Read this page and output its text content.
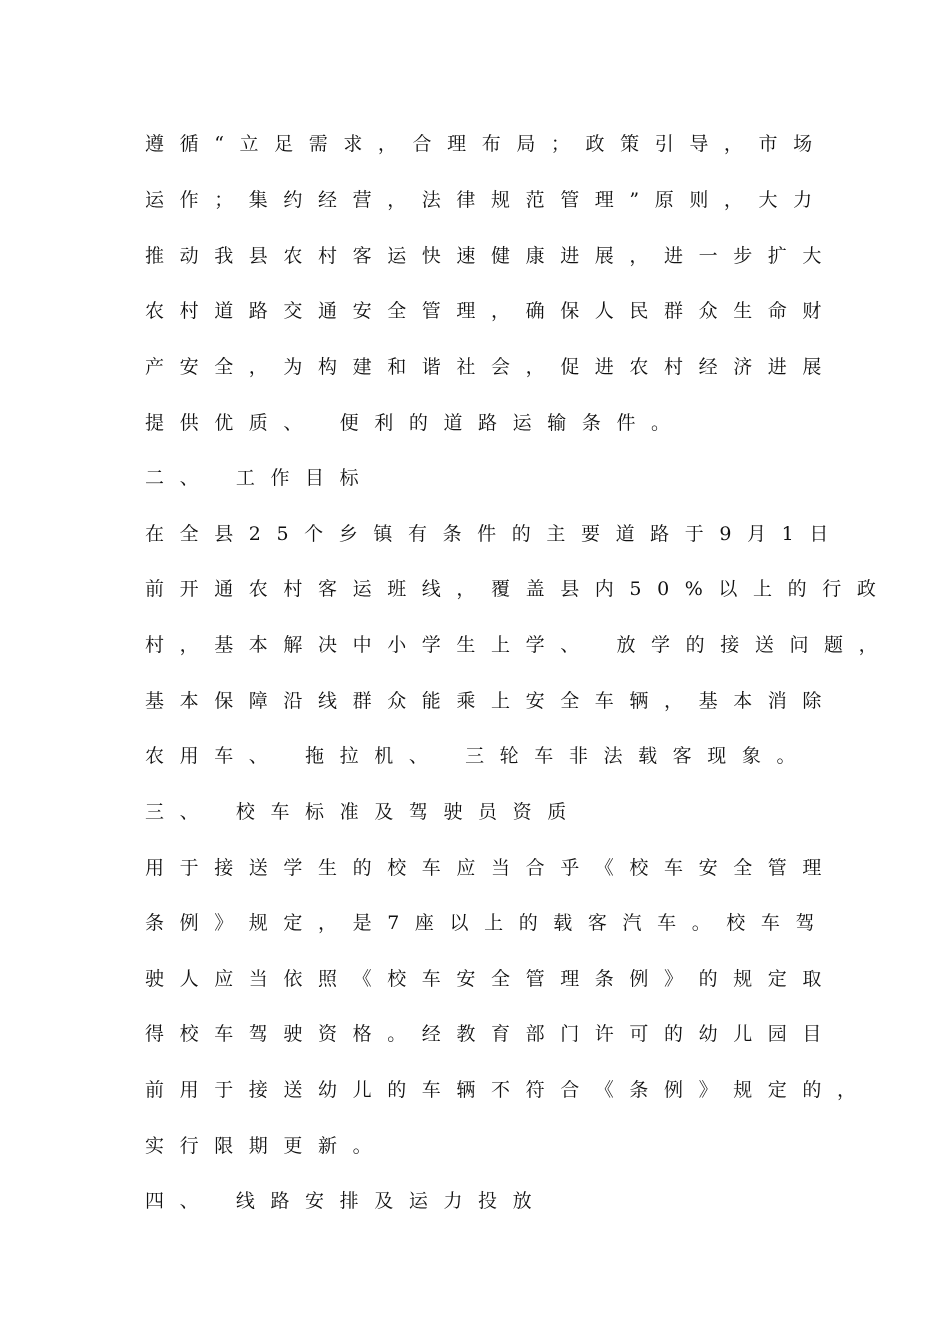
遵循“立足需求，合理布局；政策引导，市场
运作；集约经营，法律规范管理”原则，大力
推动我县农村客运快速健康进展，进一步扩大
农村道路交通安全管理，确保人民群众生命财
产安全，为构建和谐社会，促进农村经济进展
提供优质、 便利的道路运输条件。
二、 工作目标
在全县25个乡镇有条件的主要道路于9月1日
前开通农村客运班线，覆盖县内50%以上的行政
村，基本解决中小学生上学、 放学的接送问题，
基本保障沿线群众能乘上安全车辆，基本消除
农用车、 拖拉机、 三轮车非法载客现象。
三、 校车标准及驾驶员资质
用于接送学生的校车应当合乎《校车安全管理
条例》规定，是7座以上的载客汽车。校车驾
驶人应当依照《校车安全管理条例》的规定取
得校车驾驶资格。经教育部门许可的幼儿园目
前用于接送幼儿的车辆不符合《条例》规定的，
实行限期更新。
四、 线路安排及运力投放
